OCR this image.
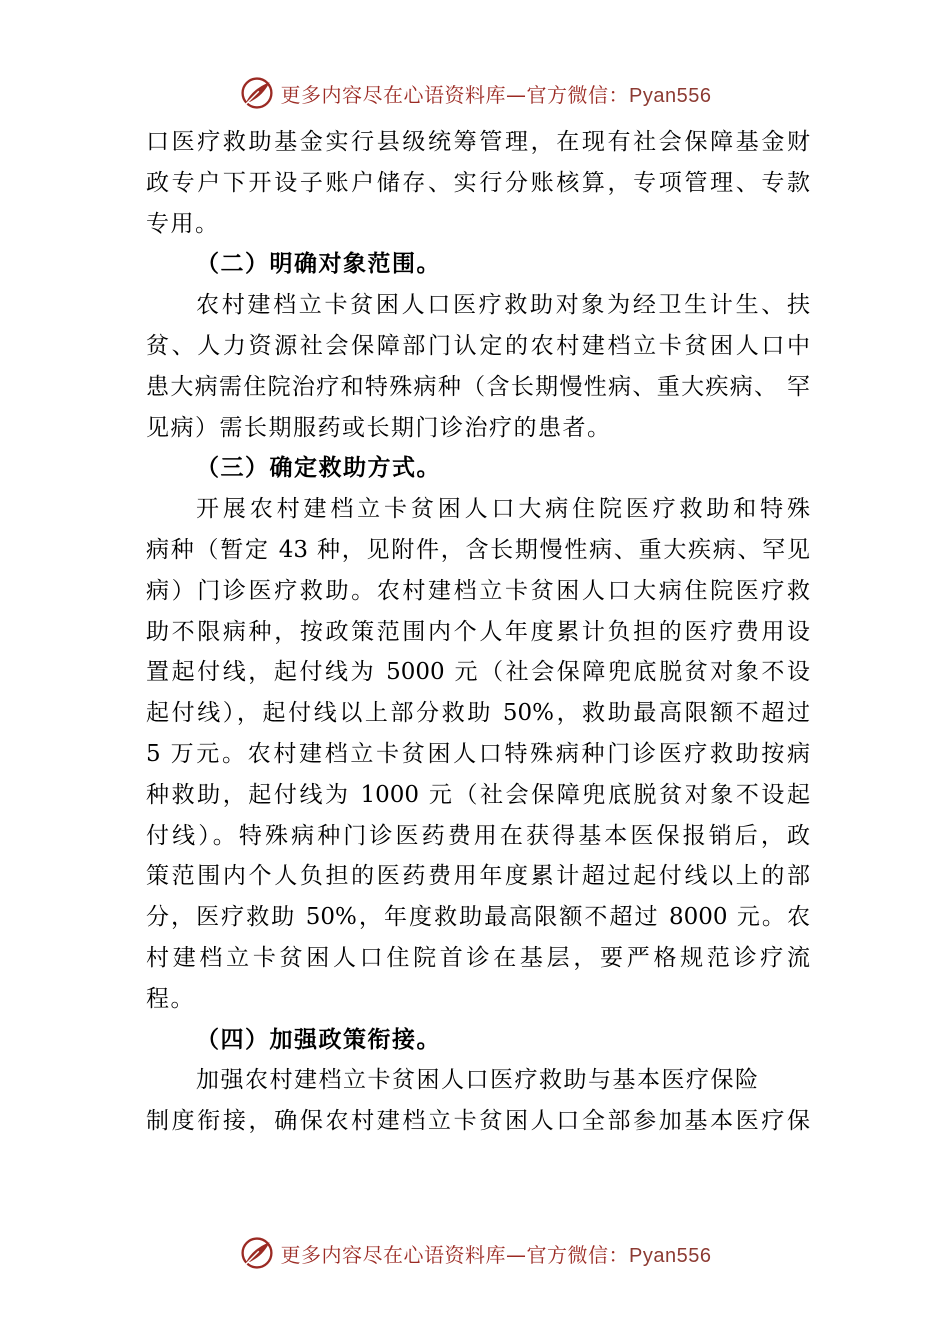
更多内容尽在心语资料库—官方微信：Pyan556
口医疗救助基金实行县级统筹管理，在现有社会保障基金财
政专户下开设子账户储存、实行分账核算，专项管理、专款
专用。
（二）明确对象范围。
农村建档立卡贫困人口医疗救助对象为经卫生计生、扶
贫、人力资源社会保障部门认定的农村建档立卡贫困人口中
患大病需住院治疗和特殊病种（含长期慢性病、重大疾病、 罕
见病）需长期服药或长期门诊治疗的患者。
（三）确定救助方式。
开展农村建档立卡贫困人口大病住院医疗救助和特殊
病种（暂定 43 种，见附件，含长期慢性病、重大疾病、罕见
病）门诊医疗救助。农村建档立卡贫困人口大病住院医疗救
助不限病种，按政策范围内个人年度累计负担的医疗费用设
置起付线，起付线为 5000 元（社会保障兜底脱贫对象不设
起付线），起付线以上部分救助 50%，救助最高限额不超过
5 万元。农村建档立卡贫困人口特殊病种门诊医疗救助按病
种救助，起付线为 1000 元（社会保障兜底脱贫对象不设起
付线）。特殊病种门诊医药费用在获得基本医保报销后，政
策范围内个人负担的医药费用年度累计超过起付线以上的部
分，医疗救助 50%，年度救助最高限额不超过 8000 元。农
村建档立卡贫困人口住院首诊在基层，要严格规范诊疗流
程。
（四）加强政策衔接。
加强农村建档立卡贫困人口医疗救助与基本医疗保险
制度衔接，确保农村建档立卡贫困人口全部参加基本医疗保
更多内容尽在心语资料库—官方微信：Pyan556
